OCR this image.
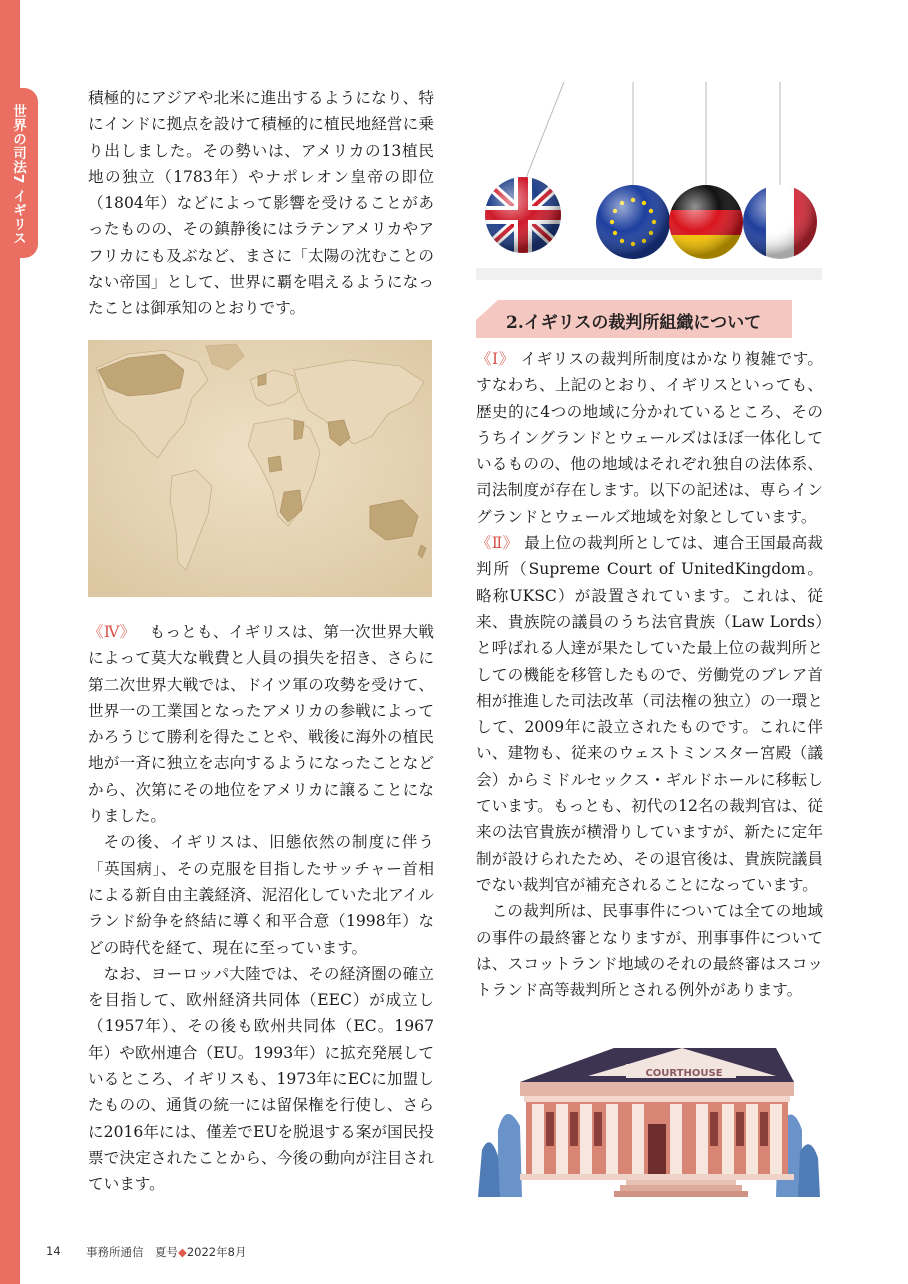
世界の司法7 イギリス

積極的にアジアや北米に進出するようになり、特にインドに拠点を設けて積極的に植民地経営に乗り出しました。その勢いは、アメリカの13植民地の独立（1783年）やナポレオン皇帝の即位（1804年）などによって影響を受けることがあったものの、その鎮静後にはラテンアメリカやアフリカにも及ぶなど、まさに「太陽の沈むことのない帝国」として、世界に覇を唱えるようになったことは御承知のとおりです。

《Ⅳ》 もっとも、イギリスは、第一次世界大戦によって莫大な戦費と人員の損失を招き、さらに第二次世界大戦では、ドイツ軍の攻勢を受けて、世界一の工業国となったアメリカの参戦によってかろうじて勝利を得たことや、戦後に海外の植民地が一斉に独立を志向するようになったことなどから、次第にその地位をアメリカに譲ることになりました。

その後、イギリスは、旧態依然の制度に伴う「英国病」、その克服を目指したサッチャー首相による新自由主義経済、泥沼化していた北アイルランド紛争を終結に導く和平合意（1998年）などの時代を経て、現在に至っています。

なお、ヨーロッパ大陸では、その経済圏の確立を目指して、欧州経済共同体（EEC）が成立し（1957年）、その後も欧州共同体（EC。1967年）や欧州連合（EU。1993年）に拡充発展しているところ、イギリスも、1973年にECに加盟したものの、通貨の統一には留保権を行使し、さらに2016年には、僅差でEUを脱退する案が国民投票で決定されたことから、今後の動向が注目されています。

2.イギリスの裁判所組織について

《Ⅰ》 イギリスの裁判所制度はかなり複雑です。すなわち、上記のとおり、イギリスといっても、歴史的に4つの地域に分かれているところ、そのうちイングランドとウェールズはほぼ一体化しているものの、他の地域はそれぞれ独自の法体系、司法制度が存在します。以下の記述は、専らイングランドとウェールズ地域を対象としています。

《Ⅱ》 最上位の裁判所としては、連合王国最高裁判所（Supreme Court of UnitedKingdom。略称UKSC）が設置されています。これは、従来、貴族院の議員のうち法官貴族（Law Lords）と呼ばれる人達が果たしていた最上位の裁判所としての機能を移管したもので、労働党のブレア首相が推進した司法改革（司法権の独立）の一環として、2009年に設立されたものです。これに伴い、建物も、従来のウェストミンスター宮殿（議会）からミドルセックス・ギルドホールに移転しています。もっとも、初代の12名の裁判官は、従来の法官貴族が横滑りしていますが、新たに定年制が設けられたため、その退官後は、貴族院議員でない裁判官が補充されることになっています。

この裁判所は、民事事件については全ての地域の事件の最終審となりますが、刑事事件については、スコットランド地域のそれの最終審はスコットランド高等裁判所とされる例外があります。

COURTHOUSE
14 事務所通信　夏号◆2022年8月
